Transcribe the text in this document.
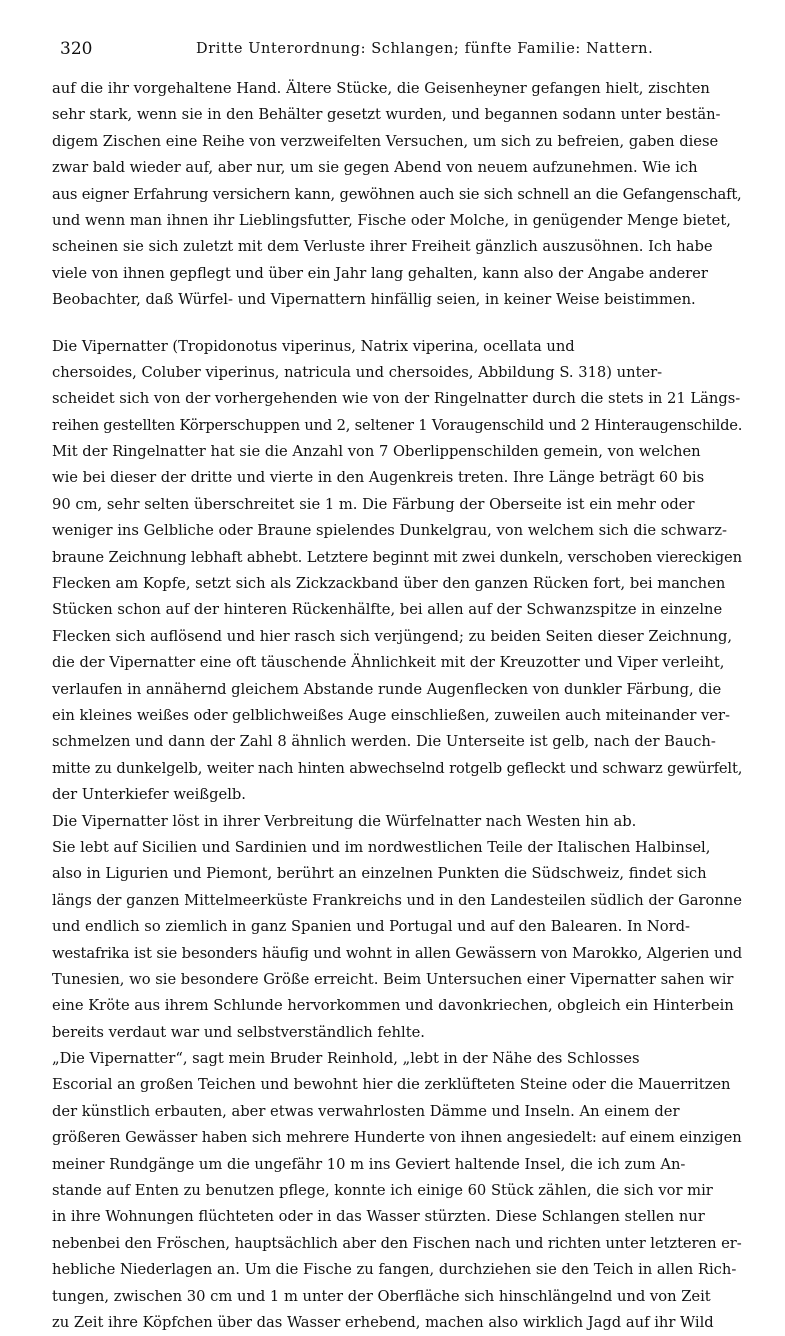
320	Dritte Unterordnung: Schlangen; fünfte Familie: Nattern.
auf die ihr vorgehaltene Hand. Ältere Stücke, die Geisenheyner gefangen hielt, zischten
sehr stark, wenn sie in den Behälter gesetzt wurden, und begannen sodann unter bestän-
digem Zischen eine Reihe von verzweifelten Versuchen, um sich zu befreien, gaben diese
zwar bald wieder auf, aber nur, um sie gegen Abend von neuem aufzunehmen. Wie ich
aus eigner Erfahrung versichern kann, gewöhnen auch sie sich schnell an die Gefangenschaft,
und wenn man ihnen ihr Lieblingsfutter, Fische oder Molche, in genügender Menge bietet,
scheinen sie sich zuletzt mit dem Verluste ihrer Freiheit gänzlich auszusöhnen. Ich habe
viele von ihnen gepflegt und über ein Jahr lang gehalten, kann also der Angabe anderer
Beobachter, daß Würfel- und Vipernattern hinfällig seien, in keiner Weise beistimmen.
Die Vipernatter (Tropidonotus viperinus, Natrix viperina, ocellata und
chersoides, Coluber viperinus, natricula und chersoides, Abbildung S. 318) unter-
scheidet sich von der vorhergehenden wie von der Ringelnatter durch die stets in 21 Längs-
reihen gestellten Körperschuppen und 2, seltener 1 Voraugenschild und 2 Hinteraugenschilde.
Mit der Ringelnatter hat sie die Anzahl von 7 Oberlippenschilden gemein, von welchen
wie bei dieser der dritte und vierte in den Augenkreis treten. Ihre Länge beträgt 60 bis
90 cm, sehr selten überschreitet sie 1 m. Die Färbung der Oberseite ist ein mehr oder
weniger ins Gelbliche oder Braune spielendes Dunkelgrau, von welchem sich die schwarz-
braune Zeichnung lebhaft abhebt. Letztere beginnt mit zwei dunkeln, verschoben viereckigen
Flecken am Kopfe, setzt sich als Zickzackband über den ganzen Rücken fort, bei manchen
Stücken schon auf der hinteren Rückenhälfte, bei allen auf der Schwanzspitze in einzelne
Flecken sich auflösend und hier rasch sich verjüngend; zu beiden Seiten dieser Zeichnung,
die der Vipernatter eine oft täuschende Ähnlichkeit mit der Kreuzotter und Viper verleiht,
verlaufen in annähernd gleichem Abstande runde Augenflecken von dunkler Färbung, die
ein kleines weißes oder gelblichweißes Auge einschließen, zuweilen auch miteinander ver-
schmelzen und dann der Zahl 8 ähnlich werden. Die Unterseite ist gelb, nach der Bauch-
mitte zu dunkelgelb, weiter nach hinten abwechselnd rotgelb gefleckt und schwarz gewürfelt,
der Unterkiefer weißgelb.
Die Vipernatter löst in ihrer Verbreitung die Würfelnatter nach Westen hin ab.
Sie lebt auf Sicilien und Sardinien und im nordwestlichen Teile der Italischen Halbinsel,
also in Ligurien und Piemont, berührt an einzelnen Punkten die Südschweiz, findet sich
längs der ganzen Mittelmeerküste Frankreichs und in den Landesteilen südlich der Garonne
und endlich so ziemlich in ganz Spanien und Portugal und auf den Balearen. In Nord-
westafrika ist sie besonders häufig und wohnt in allen Gewässern von Marokko, Algerien und
Tunesien, wo sie besondere Größe erreicht. Beim Untersuchen einer Vipernatter sahen wir
eine Kröte aus ihrem Schlunde hervorkommen und davonkriechen, obgleich ein Hinterbein
bereits verdaut war und selbstverständlich fehlte.
„Die Vipernatter“, sagt mein Bruder Reinhold, „lebt in der Nähe des Schlosses
Escorial an großen Teichen und bewohnt hier die zerklüfteten Steine oder die Mauerritzen
der künstlich erbauten, aber etwas verwahrlosten Dämme und Inseln. An einem der
größeren Gewässer haben sich mehrere Hunderte von ihnen angesiedelt: auf einem einzigen
meiner Rundgänge um die ungefähr 10 m ins Geviert haltende Insel, die ich zum An-
stande auf Enten zu benutzen pflege, konnte ich einige 60 Stück zählen, die sich vor mir
in ihre Wohnungen flüchteten oder in das Wasser stürzten. Diese Schlangen stellen nur
nebenbei den Fröschen, hauptsächlich aber den Fischen nach und richten unter letzteren er-
hebliche Niederlagen an. Um die Fische zu fangen, durchziehen sie den Teich in allen Rich-
tungen, zwischen 30 cm und 1 m unter der Oberfläche sich hinschlängelnd und von Zeit
zu Zeit ihre Köpfchen über das Wasser erhebend, machen also wirklich Jagd auf ihr Wild
